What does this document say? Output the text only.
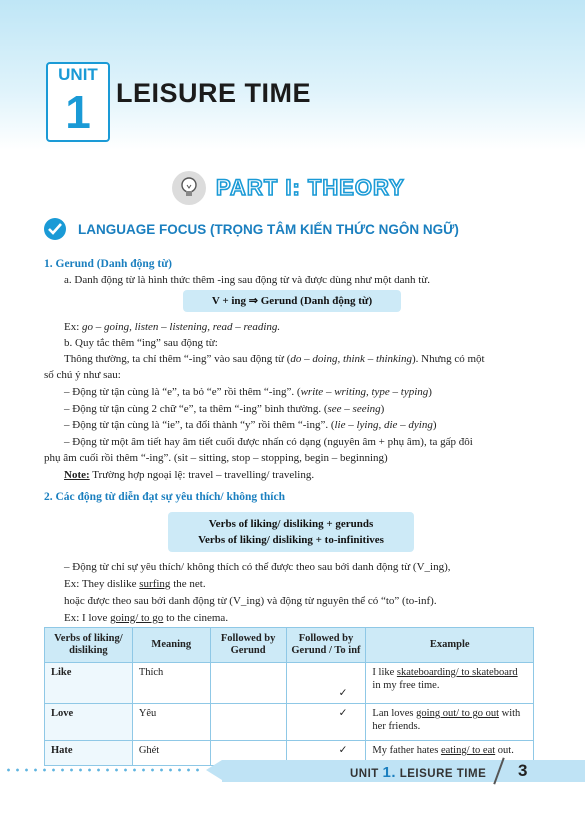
UNIT
1 LEISURE TIME
PART I: THEORY
LANGUAGE FOCUS (TRỌNG TÂM KIẾN THỨC NGÔN NGỮ)
1. Gerund (Danh động từ)
a. Danh động từ là hình thức thêm -ing sau động từ và được dùng như một danh từ.
V + ing ⇒ Gerund (Danh động từ)
Ex: go – going, listen – listening, read – reading.
b. Quy tắc thêm “ing” sau động từ:
Thông thường, ta chỉ thêm “-ing” vào sau động từ (do – doing, think – thinking). Nhưng có một
số chú ý như sau:
– Động từ tận cùng là “e”, ta bỏ “e” rồi thêm “-ing”. (write – writing, type – typing)
– Động từ tận cùng 2 chữ “e”, ta thêm “-ing” bình thường. (see – seeing)
– Động từ tận cùng là “ie”, ta đổi thành “y” rồi thêm “-ing”. (lie – lying, die – dying)
– Động từ một âm tiết hay âm tiết cuối được nhấn có dạng (nguyên âm + phụ âm), ta gấp đôi
phụ âm cuối rồi thêm “-ing”. (sit – sitting, stop – stopping, begin – beginning)
Note: Trường hợp ngoại lệ: travel – travelling/ traveling.
2. Các động từ diễn đạt sự yêu thích/ không thích
Verbs of liking/ disliking + gerunds
Verbs of liking/ disliking + to-infinitives
– Động từ chỉ sự yêu thích/ không thích có thể được theo sau bởi danh động từ (V_ing),
Ex: They dislike surfing the net.
hoặc được theo sau bởi danh động từ (V_ing) và động từ nguyên thể có “to” (to-inf).
Ex: I love going/ to go to the cinema.
Verbs of liking/ disliking	Meaning	Followed by Gerund	Followed by Gerund / To inf	Example
Like	Thích		✓	I like skateboarding/ to skateboard in my free time.
Love	Yêu		✓	Lan loves going out/ to go out with her friends.
Hate	Ghét		✓	My father hates eating/ to eat out.
UNIT 1. LEISURE TIME 3
